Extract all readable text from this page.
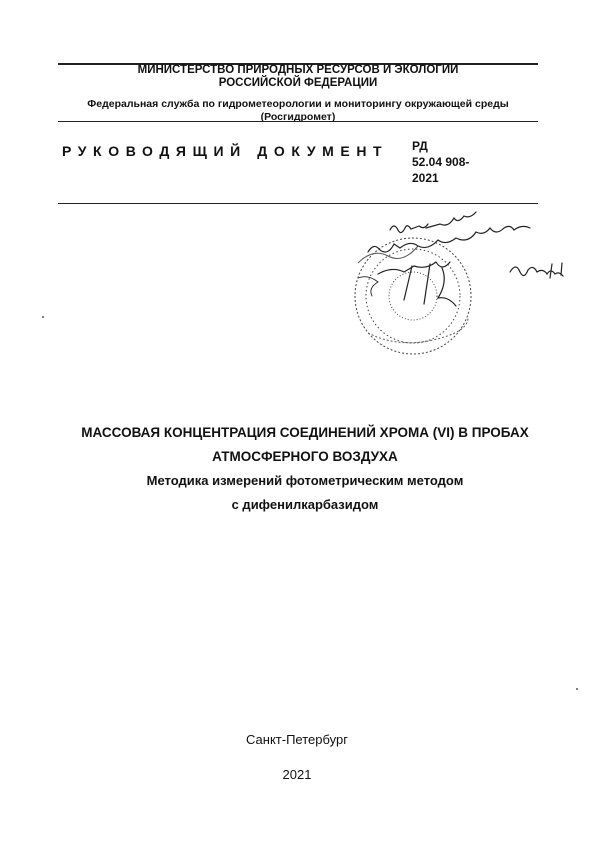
МИНИСТЕРСТВО ПРИРОДНЫХ РЕСУРСОВ И ЭКОЛОГИИ
РОССИЙСКОЙ ФЕДЕРАЦИИ
Федеральная служба по гидрометеорологии и мониторингу окружающей среды
(Росгидромет)
РУКОВОДЯЩИЙ ДОКУМЕНТ РД
52.04 908-
2021
МАССОВАЯ КОНЦЕНТРАЦИЯ СОЕДИНЕНИЙ ХРОМА (VI) В ПРОБАХ
АТМОСФЕРНОГО ВОЗДУХА
Методика измерений фотометрическим методом
с дифенилкарбазидом
Санкт-Петербург
2021
